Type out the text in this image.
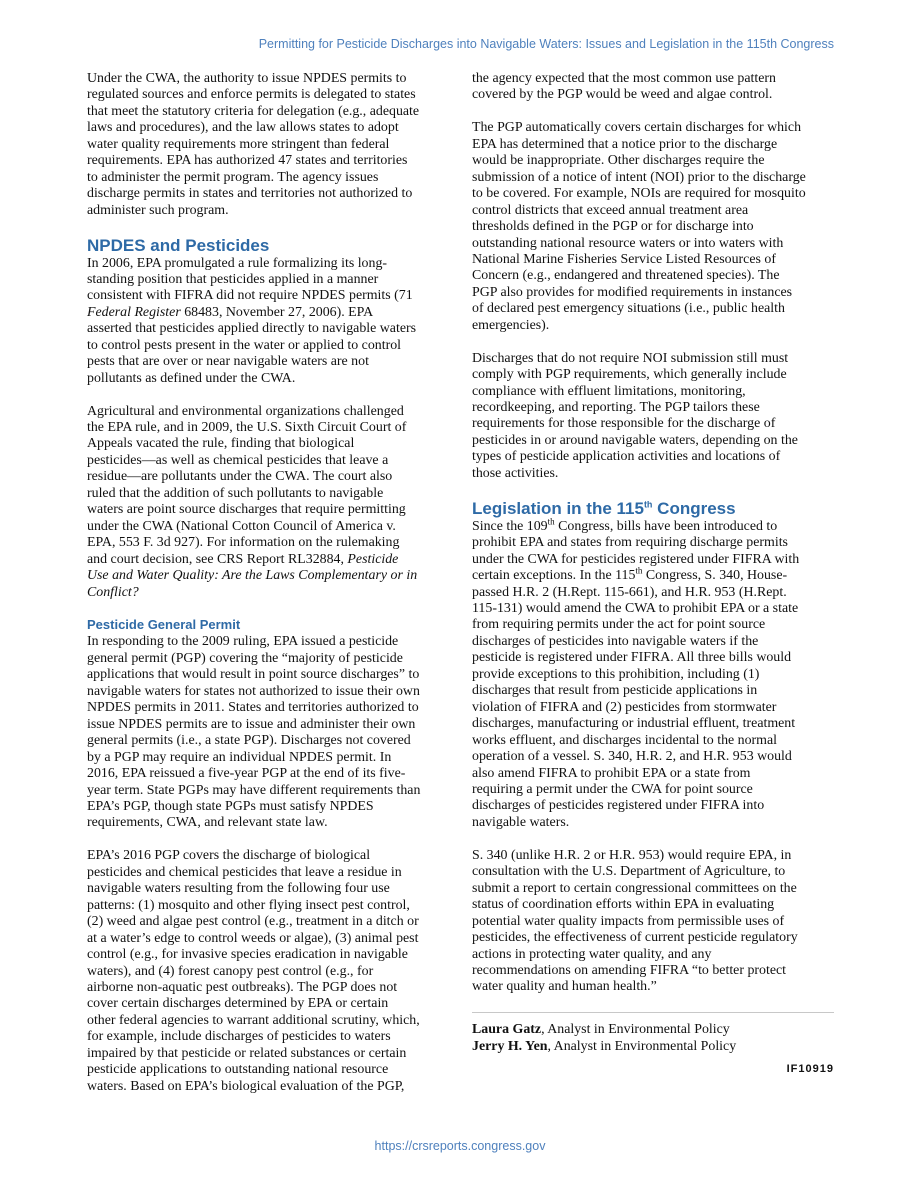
Permitting for Pesticide Discharges into Navigable Waters: Issues and Legislation in the 115th Congress

Under the CWA, the authority to issue NPDES permits to
regulated sources and enforce permits is delegated to states
that meet the statutory criteria for delegation (e.g., adequate
laws and procedures), and the law allows states to adopt
water quality requirements more stringent than federal
requirements. EPA has authorized 47 states and territories
to administer the permit program. The agency issues
discharge permits in states and territories not authorized to
administer such program.

NPDES and Pesticides

In 2006, EPA promulgated a rule formalizing its long-
standing position that pesticides applied in a manner
consistent with FIFRA did not require NPDES permits (71
Federal Register 68483, November 27, 2006). EPA
asserted that pesticides applied directly to navigable waters
to control pests present in the water or applied to control
pests that are over or near navigable waters are not
pollutants as defined under the CWA.

Agricultural and environmental organizations challenged
the EPA rule, and in 2009, the U.S. Sixth Circuit Court of
Appeals vacated the rule, finding that biological
pesticides—as well as chemical pesticides that leave a
residue—are pollutants under the CWA. The court also
ruled that the addition of such pollutants to navigable
waters are point source discharges that require permitting
under the CWA (National Cotton Council of America v.
EPA, 553 F. 3d 927). For information on the rulemaking
and court decision, see CRS Report RL32884, Pesticide
Use and Water Quality: Are the Laws Complementary or in
Conflict?

Pesticide General Permit

In responding to the 2009 ruling, EPA issued a pesticide
general permit (PGP) covering the “majority of pesticide
applications that would result in point source discharges” to
navigable waters for states not authorized to issue their own
NPDES permits in 2011. States and territories authorized to
issue NPDES permits are to issue and administer their own
general permits (i.e., a state PGP). Discharges not covered
by a PGP may require an individual NPDES permit. In
2016, EPA reissued a five-year PGP at the end of its five-
year term. State PGPs may have different requirements than
EPA’s PGP, though state PGPs must satisfy NPDES
requirements, CWA, and relevant state law.

EPA’s 2016 PGP covers the discharge of biological
pesticides and chemical pesticides that leave a residue in
navigable waters resulting from the following four use
patterns: (1) mosquito and other flying insect pest control,
(2) weed and algae pest control (e.g., treatment in a ditch or
at a water’s edge to control weeds or algae), (3) animal pest
control (e.g., for invasive species eradication in navigable
waters), and (4) forest canopy pest control (e.g., for
airborne non-aquatic pest outbreaks). The PGP does not
cover certain discharges determined by EPA or certain
other federal agencies to warrant additional scrutiny, which,
for example, include discharges of pesticides to waters
impaired by that pesticide or related substances or certain
pesticide applications to outstanding national resource
waters. Based on EPA’s biological evaluation of the PGP,

the agency expected that the most common use pattern
covered by the PGP would be weed and algae control.

The PGP automatically covers certain discharges for which
EPA has determined that a notice prior to the discharge
would be inappropriate. Other discharges require the
submission of a notice of intent (NOI) prior to the discharge
to be covered. For example, NOIs are required for mosquito
control districts that exceed annual treatment area
thresholds defined in the PGP or for discharge into
outstanding national resource waters or into waters with
National Marine Fisheries Service Listed Resources of
Concern (e.g., endangered and threatened species). The
PGP also provides for modified requirements in instances
of declared pest emergency situations (i.e., public health
emergencies).

Discharges that do not require NOI submission still must
comply with PGP requirements, which generally include
compliance with effluent limitations, monitoring,
recordkeeping, and reporting. The PGP tailors these
requirements for those responsible for the discharge of
pesticides in or around navigable waters, depending on the
types of pesticide application activities and locations of
those activities.

Legislation in the 115th Congress

Since the 109th Congress, bills have been introduced to
prohibit EPA and states from requiring discharge permits
under the CWA for pesticides registered under FIFRA with
certain exceptions. In the 115th Congress, S. 340, House-
passed H.R. 2 (H.Rept. 115-661), and H.R. 953 (H.Rept.
115-131) would amend the CWA to prohibit EPA or a state
from requiring permits under the act for point source
discharges of pesticides into navigable waters if the
pesticide is registered under FIFRA. All three bills would
provide exceptions to this prohibition, including (1)
discharges that result from pesticide applications in
violation of FIFRA and (2) pesticides from stormwater
discharges, manufacturing or industrial effluent, treatment
works effluent, and discharges incidental to the normal
operation of a vessel. S. 340, H.R. 2, and H.R. 953 would
also amend FIFRA to prohibit EPA or a state from
requiring a permit under the CWA for point source
discharges of pesticides registered under FIFRA into
navigable waters.

S. 340 (unlike H.R. 2 or H.R. 953) would require EPA, in
consultation with the U.S. Department of Agriculture, to
submit a report to certain congressional committees on the
status of coordination efforts within EPA in evaluating
potential water quality impacts from permissible uses of
pesticides, the effectiveness of current pesticide regulatory
actions in protecting water quality, and any
recommendations on amending FIFRA “to better protect
water quality and human health.”

Laura Gatz, Analyst in Environmental Policy
Jerry H. Yen, Analyst in Environmental Policy
IF10919
https://crsreports.congress.gov
